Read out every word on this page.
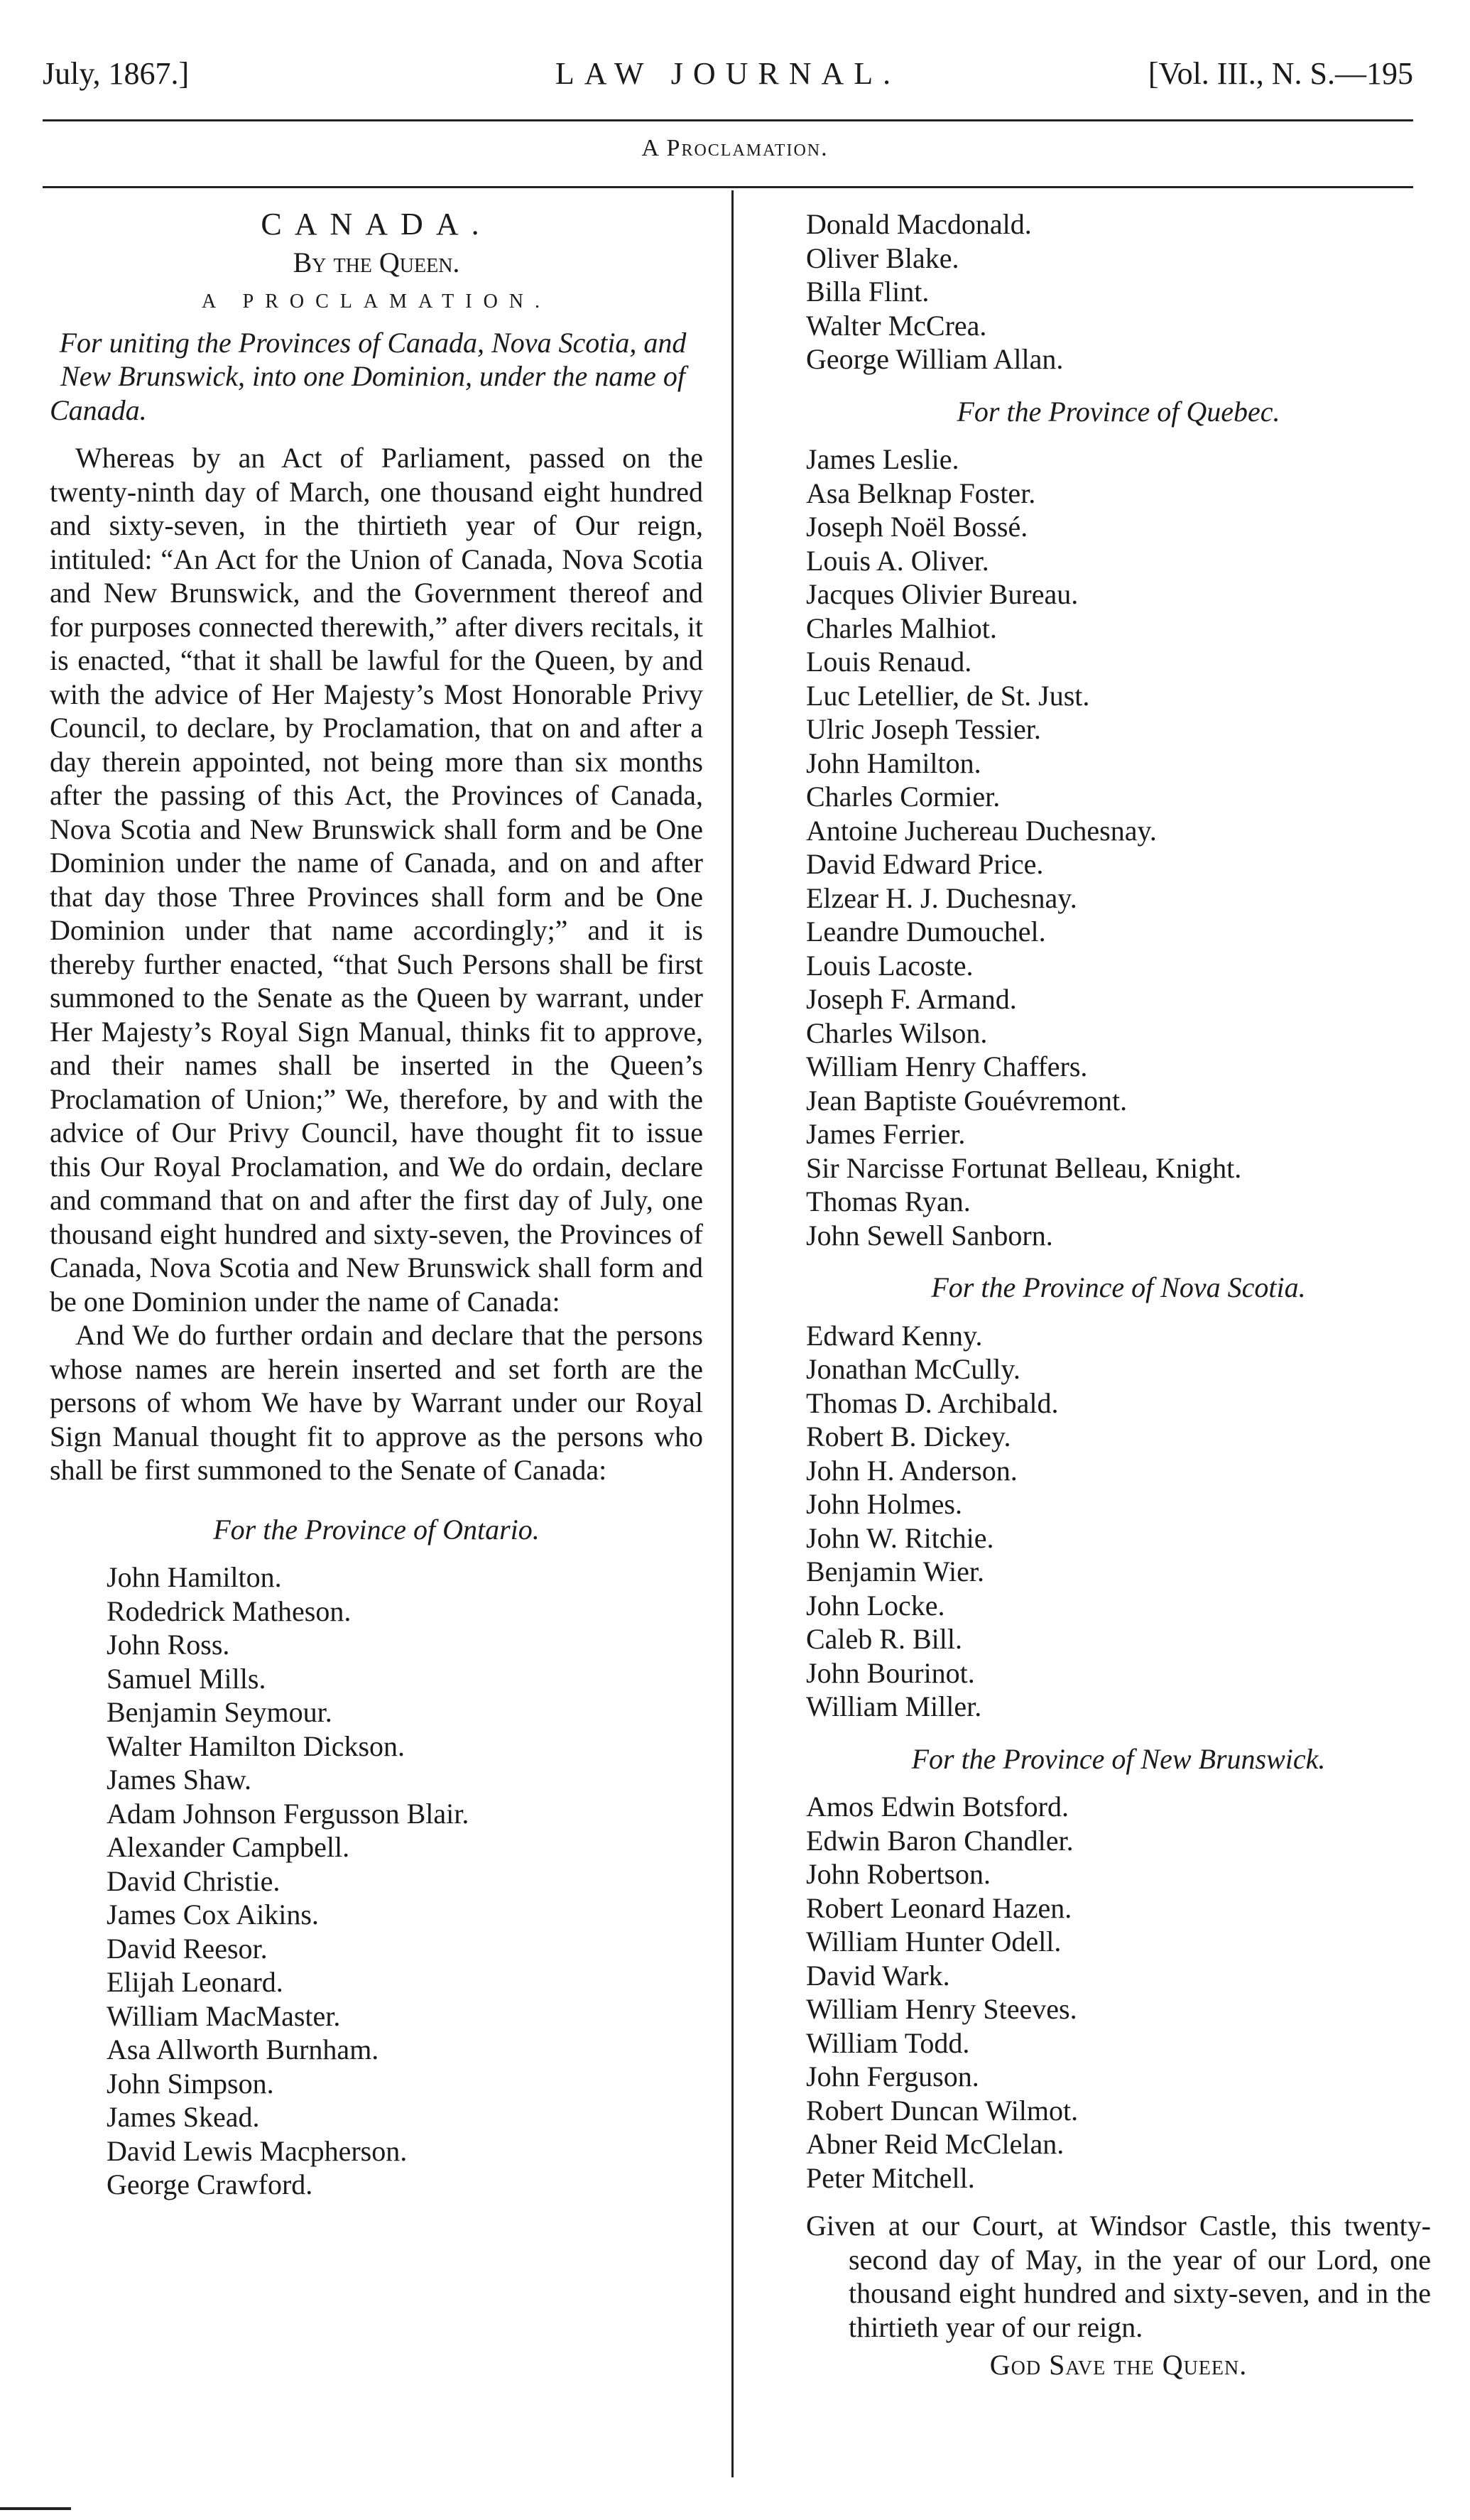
July, 1867.]	LAW JOURNAL.	[Vol. III., N. S.—195
A Proclamation.
CANADA.
By the Queen.
A PROCLAMATION.
For uniting the Provinces of Canada, Nova Scotia, and New Brunswick, into one Dominion, under the name of Canada.
Whereas by an Act of Parliament, passed on the twenty-ninth day of March, one thousand eight hundred and sixty-seven, in the thirtieth year of Our reign, intituled: “An Act for the Union of Canada, Nova Scotia and New Brunswick, and the Government thereof and for purposes connected therewith,” after divers recitals, it is enacted, “that it shall be lawful for the Queen, by and with the advice of Her Majesty’s Most Honorable Privy Council, to declare, by Proclamation, that on and after a day therein appointed, not being more than six months after the passing of this Act, the Provinces of Canada, Nova Scotia and New Brunswick shall form and be One Dominion under the name of Canada, and on and after that day those Three Provinces shall form and be One Dominion under that name accordingly;” and it is thereby further enacted, “that Such Persons shall be first summoned to the Senate as the Queen by warrant, under Her Majesty’s Royal Sign Manual, thinks fit to approve, and their names shall be inserted in the Queen’s Proclamation of Union;” We, therefore, by and with the advice of Our Privy Council, have thought fit to issue this Our Royal Proclamation, and We do ordain, declare and command that on and after the first day of July, one thousand eight hundred and sixty-seven, the Provinces of Canada, Nova Scotia and New Brunswick shall form and be one Dominion under the name of Canada:
And We do further ordain and declare that the persons whose names are herein inserted and set forth are the persons of whom We have by Warrant under our Royal Sign Manual thought fit to approve as the persons who shall be first summoned to the Senate of Canada:
For the Province of Ontario.
John Hamilton.
Rodedrick Matheson.
John Ross.
Samuel Mills.
Benjamin Seymour.
Walter Hamilton Dickson.
James Shaw.
Adam Johnson Fergusson Blair.
Alexander Campbell.
David Christie.
James Cox Aikins.
David Reesor.
Elijah Leonard.
William MacMaster.
Asa Allworth Burnham.
John Simpson.
James Skead.
David Lewis Macpherson.
George Crawford.
Donald Macdonald.
Oliver Blake.
Billa Flint.
Walter McCrea.
George William Allan.
For the Province of Quebec.
James Leslie.
Asa Belknap Foster.
Joseph Noël Bossé.
Louis A. Oliver.
Jacques Olivier Bureau.
Charles Malhiot.
Louis Renaud.
Luc Letellier, de St. Just.
Ulric Joseph Tessier.
John Hamilton.
Charles Cormier.
Antoine Juchereau Duchesnay.
David Edward Price.
Elzear H. J. Duchesnay.
Leandre Dumouchel.
Louis Lacoste.
Joseph F. Armand.
Charles Wilson.
William Henry Chaffers.
Jean Baptiste Gouévremont.
James Ferrier.
Sir Narcisse Fortunat Belleau, Knight.
Thomas Ryan.
John Sewell Sanborn.
For the Province of Nova Scotia.
Edward Kenny.
Jonathan McCully.
Thomas D. Archibald.
Robert B. Dickey.
John H. Anderson.
John Holmes.
John W. Ritchie.
Benjamin Wier.
John Locke.
Caleb R. Bill.
John Bourinot.
William Miller.
For the Province of New Brunswick.
Amos Edwin Botsford.
Edwin Baron Chandler.
John Robertson.
Robert Leonard Hazen.
William Hunter Odell.
David Wark.
William Henry Steeves.
William Todd.
John Ferguson.
Robert Duncan Wilmot.
Abner Reid McClelan.
Peter Mitchell.

Given at our Court, at Windsor Castle, this twenty-second day of May, in the year of our Lord, one thousand eight hundred and sixty-seven, and in the thirtieth year of our reign.

God Save the Queen.
